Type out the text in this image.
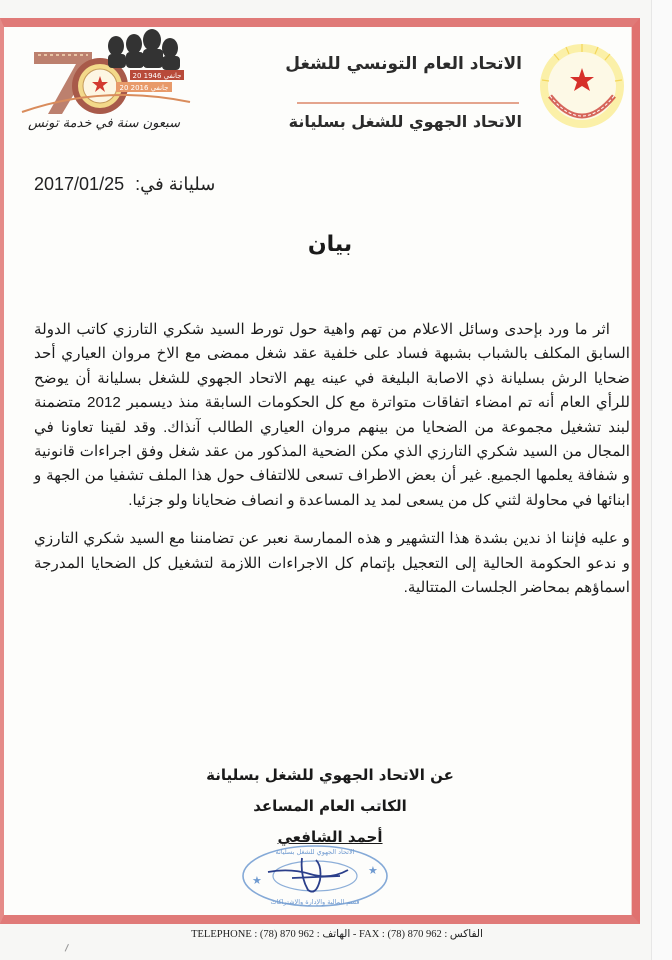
20 جانفي 1946
20 جانفي 2016
سبعون سنة في خدمة تونس
الاتحاد العام التونسي للشغل
الاتحاد الجهوي للشغل بسليانة
سليانة في: 2017/01/25
بيان

اثر ما ورد بإحدى وسائل الاعلام من تهم واهية حول تورط السيد شكري التارزي كاتب الدولة السابق المكلف بالشباب بشبهة فساد على خلفية عقد شغل ممضى مع الاخ مروان العياري أحد ضحايا الرش بسليانة ذي الاصابة البليغة في عينه يهم الاتحاد الجهوي للشغل بسليانة أن يوضح للرأي العام أنه تم امضاء اتفاقات متواترة مع كل الحكومات السابقة منذ ديسمبر 2012 متضمنة لبند تشغيل مجموعة من الضحايا من بينهم مروان العياري الطالب آنذاك. وقد لقينا تعاونا في المجال من السيد شكري التارزي الذي مكن الضحية المذكور من عقد شغل وفق اجراءات قانونية و شفافة يعلمها الجميع. غير أن بعض الاطراف تسعى للالتفاف حول هذا الملف تشفيا من الجهة و ابنائها في محاولة لثني كل من يسعى لمد يد المساعدة و انصاف ضحايانا ولو جزئيا.

و عليه فإننا اذ ندين بشدة هذا التشهير و هذه الممارسة نعبر عن تضامننا مع السيد شكري التارزي و ندعو الحكومة الحالية إلى التعجيل بإتمام كل الاجراءات اللازمة لتشغيل كل الضحايا المدرجة اسماؤهم بمحاضر الجلسات المتتالية.

عن الاتحاد الجهوي للشغل بسليانة
الكاتب العام المساعد
أحمد الشافعي
★
★
الاتحاد الجهوي للشغل بسليانة
قسم المالية والإدارة والإشتراكات
TELEPHONE : (78) 870 962 : الهاتف - FAX : (78) 870 962 : الفاكس
